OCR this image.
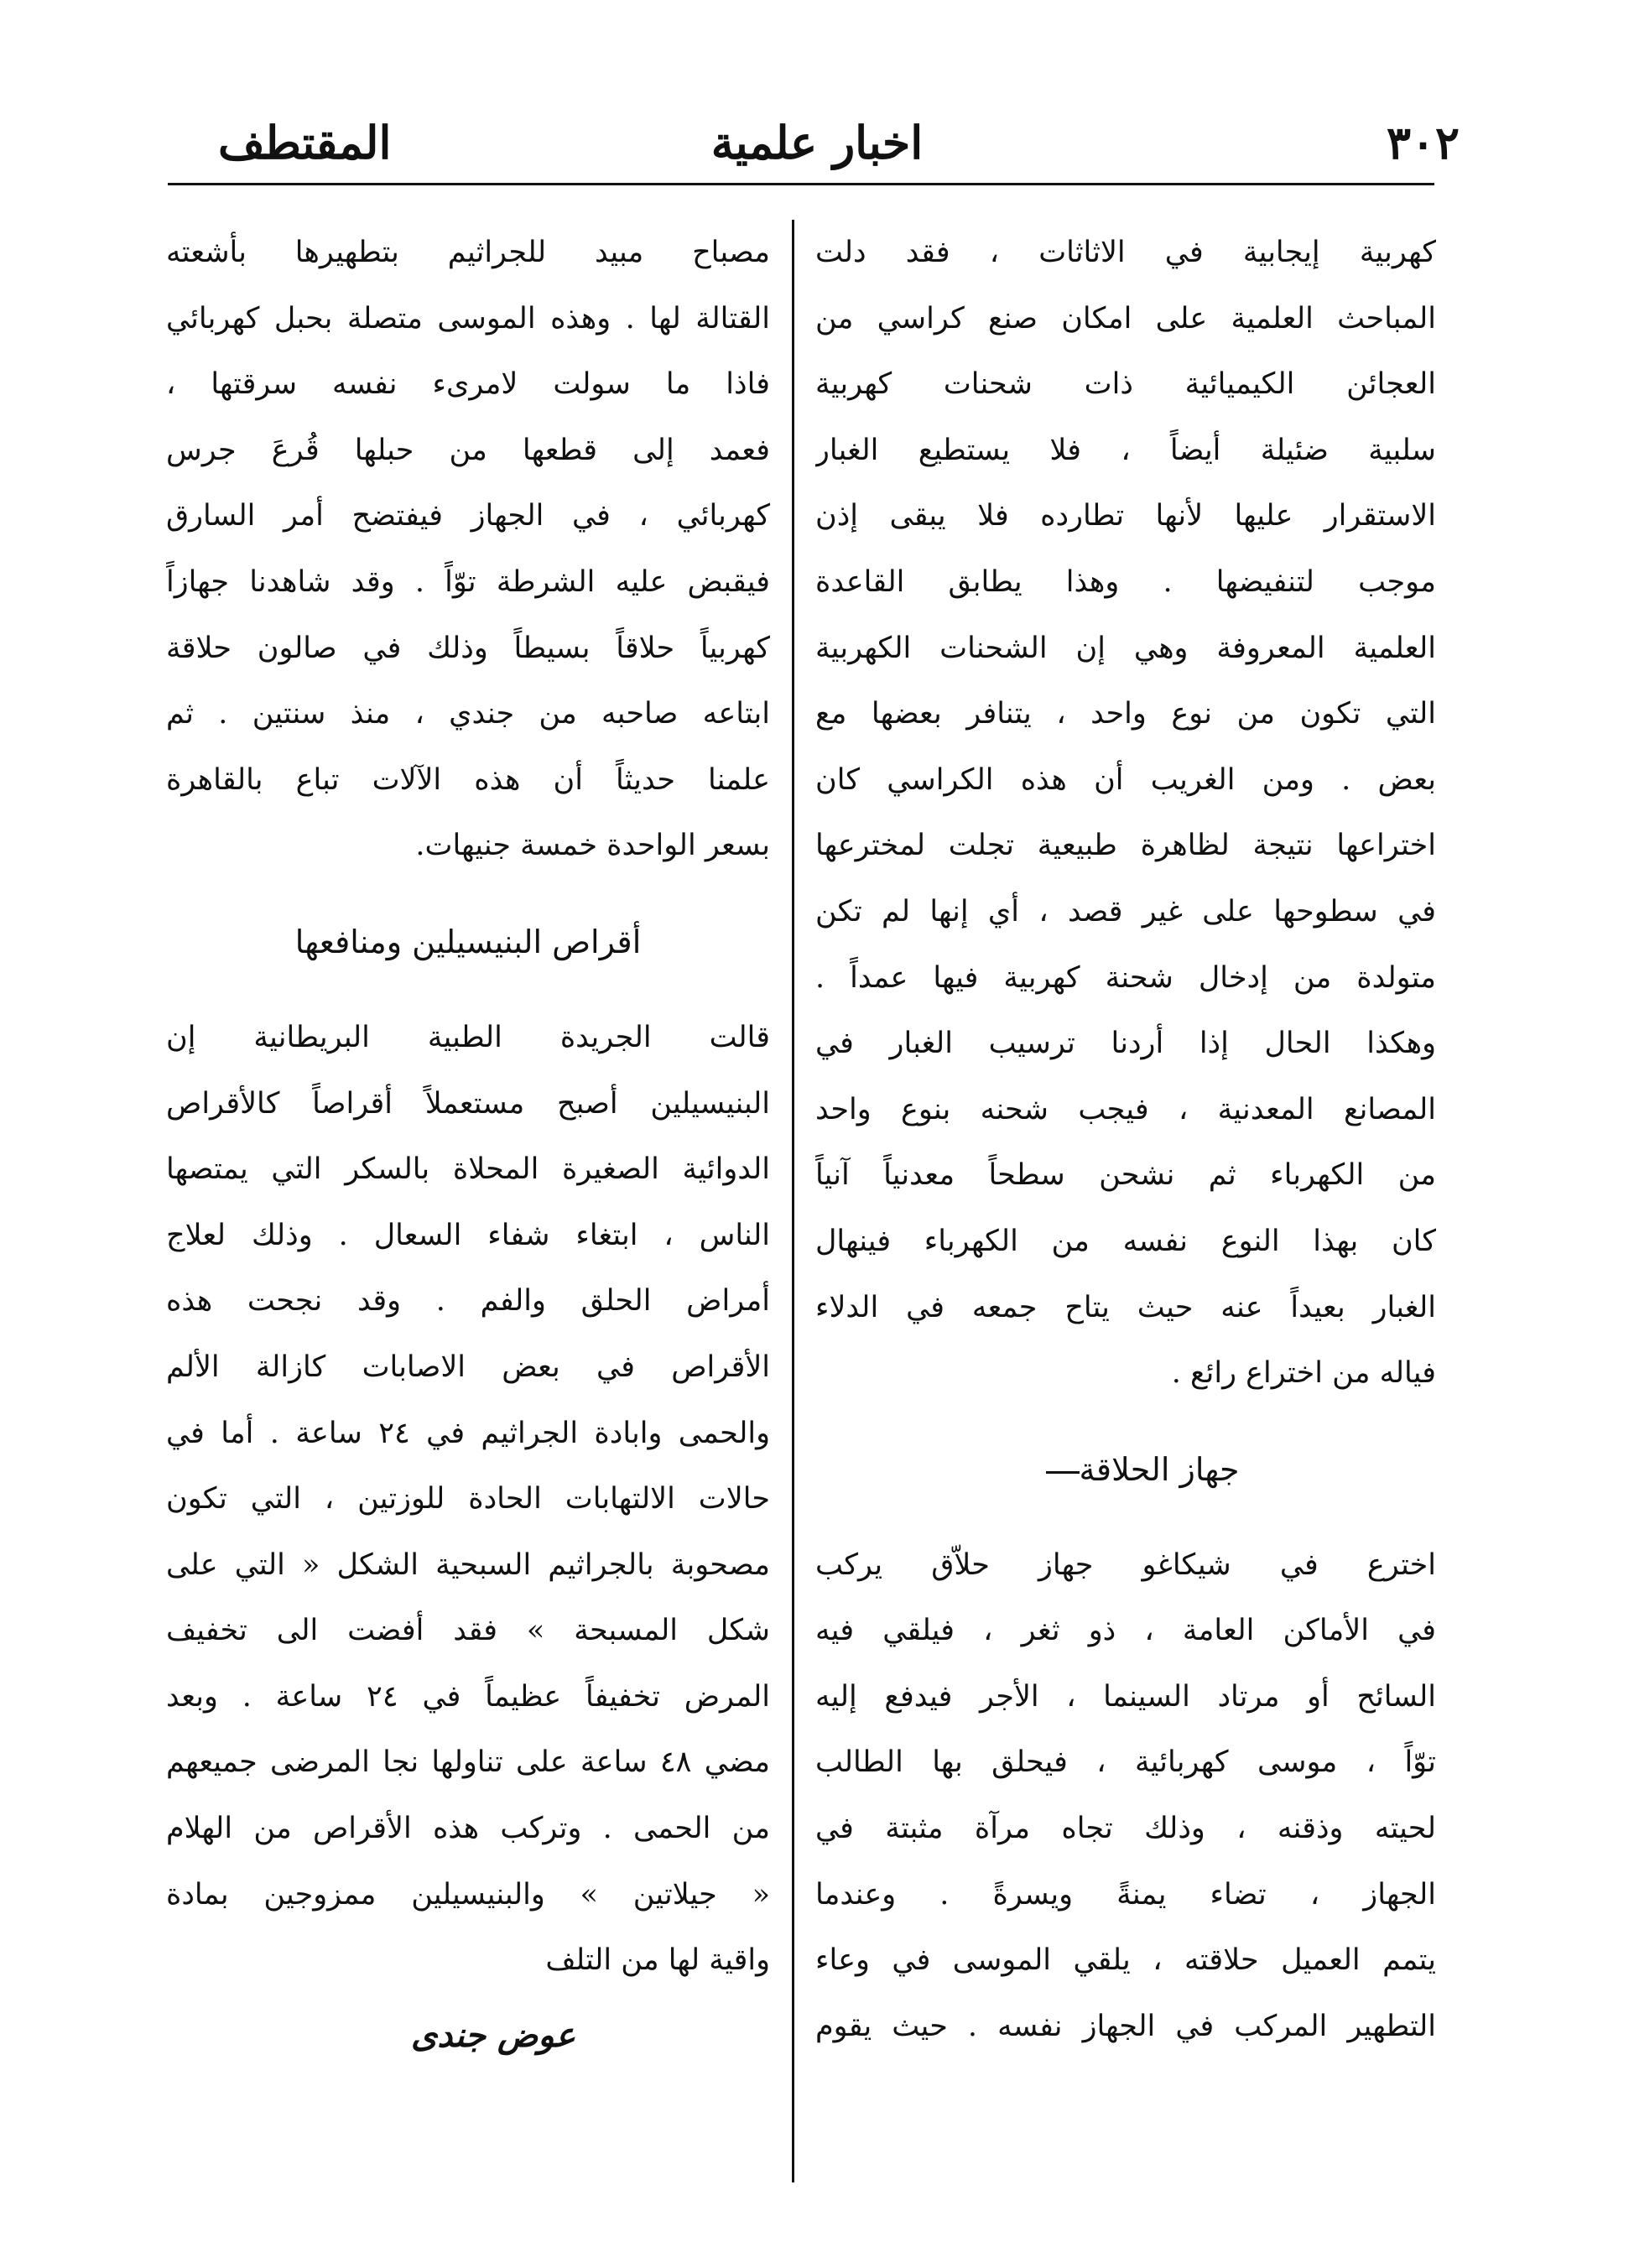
٣٠٢
اخبار علمية
المقتطف
كهربية إيجابية في الاثاثات ، فقد دلت
المباحث العلمية على امكان صنع كراسي من
العجائن الكيميائية ذات شحنات كهربية
سلبية ضئيلة أيضاً ، فلا يستطيع الغبار
الاستقرار عليها لأنها تطارده فلا يبقى إذن
موجب لتنفيضها . وهذا يطابق القاعدة
العلمية المعروفة وهي إن الشحنات الكهربية
التي تكون من نوع واحد ، يتنافر بعضها مع
بعض . ومن الغريب أن هذه الكراسي كان
اختراعها نتيجة لظاهرة طبيعية تجلت لمخترعها
في سطوحها على غير قصد ، أي إنها لم تكن
متولدة من إدخال شحنة كهربية فيها عمداً .
وهكذا الحال إذا أردنا ترسيب الغبار في
المصانع المعدنية ، فيجب شحنه بنوع واحد
من الكهرباء ثم نشحن سطحاً معدنياً آنياً
كان بهذا النوع نفسه من الكهرباء فينهال
الغبار بعيداً عنه حيث يتاح جمعه في الدلاء
فياله من اختراع رائع .
جهاز الحلاقة
اخترع في شيكاغو جهاز حلاّق يركب
في الأماكن العامة ، ذو ثغر ، فيلقي فيه
السائح أو مرتاد السينما ، الأجر فيدفع إليه
توّاً ، موسى كهربائية ، فيحلق بها الطالب
لحيته وذقنه ، وذلك تجاه مرآة مثبتة في
الجهاز ، تضاء يمنةً ويسرةً . وعندما
يتمم العميل حلاقته ، يلقي الموسى في وعاء
التطهير المركب في الجهاز نفسه . حيث يقوم
مصباح مبيد للجراثيم بتطهيرها بأشعته
القتالة لها . وهذه الموسى متصلة بحبل كهربائي
فاذا ما سولت لامرىء نفسه سرقتها ،
فعمد إلى قطعها من حبلها قُرعَ جرس
كهربائي ، في الجهاز فيفتضح أمر السارق
فيقبض عليه الشرطة توّاً . وقد شاهدنا جهازاً
كهربياً حلاقاً بسيطاً وذلك في صالون حلاقة
ابتاعه صاحبه من جندي ، منذ سنتين . ثم
علمنا حديثاً أن هذه الآلات تباع بالقاهرة
بسعر الواحدة خمسة جنيهات.
أقراص البنيسيلين ومنافعها
قالت الجريدة الطبية البريطانية إن
البنيسيلين أصبح مستعملاً أقراصاً كالأقراص
الدوائية الصغيرة المحلاة بالسكر التي يمتصها
الناس ، ابتغاء شفاء السعال . وذلك لعلاج
أمراض الحلق والفم . وقد نجحت هذه
الأقراص في بعض الاصابات كازالة الألم
والحمى وابادة الجراثيم في ٢٤ ساعة . أما في
حالات الالتهابات الحادة للوزتين ، التي تكون
مصحوبة بالجراثيم السبحية الشكل « التي على
شكل المسبحة » فقد أفضت الى تخفيف
المرض تخفيفاً عظيماً في ٢٤ ساعة . وبعد
مضي ٤٨ ساعة على تناولها نجا المرضى جميعهم
من الحمى . وتركب هذه الأقراص من الهلام
« جيلاتين » والبنيسيلين ممزوجين بمادة
واقية لها من التلف
عوض جندى
